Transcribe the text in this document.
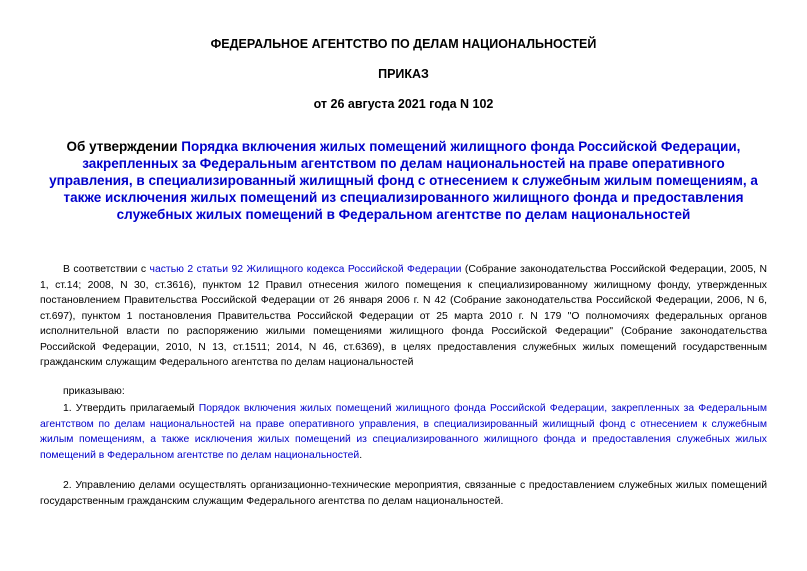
ФЕДЕРАЛЬНОЕ АГЕНТСТВО ПО ДЕЛАМ НАЦИОНАЛЬНОСТЕЙ
ПРИКАЗ
от 26 августа 2021 года N 102
Об утверждении Порядка включения жилых помещений жилищного фонда Российской Федерации, закрепленных за Федеральным агентством по делам национальностей на праве оперативного управления, в специализированный жилищный фонд с отнесением к служебным жилым помещениям, а также исключения жилых помещений из специализированного жилищного фонда и предоставления служебных жилых помещений в Федеральном агентстве по делам национальностей
В соответствии с частью 2 статьи 92 Жилищного кодекса Российской Федерации (Собрание законодательства Российской Федерации, 2005, N 1, ст.14; 2008, N 30, ст.3616), пунктом 12 Правил отнесения жилого помещения к специализированному жилищному фонду, утвержденных постановлением Правительства Российской Федерации от 26 января 2006 г. N 42 (Собрание законодательства Российской Федерации, 2006, N 6, ст.697), пунктом 1 постановления Правительства Российской Федерации от 25 марта 2010 г. N 179 "О полномочиях федеральных органов исполнительной власти по распоряжению жилыми помещениями жилищного фонда Российской Федерации" (Собрание законодательства Российской Федерации, 2010, N 13, ст.1511; 2014, N 46, ст.6369), в целях предоставления служебных жилых помещений государственным гражданским служащим Федерального агентства по делам национальностей
приказываю:
1. Утвердить прилагаемый Порядок включения жилых помещений жилищного фонда Российской Федерации, закрепленных за Федеральным агентством по делам национальностей на праве оперативного управления, в специализированный жилищный фонд с отнесением к служебным жилым помещениям, а также исключения жилых помещений из специализированного жилищного фонда и предоставления служебных жилых помещений в Федеральном агентстве по делам национальностей.
2. Управлению делами осуществлять организационно-технические мероприятия, связанные с предоставлением служебных жилых помещений государственным гражданским служащим Федерального агентства по делам национальностей.
